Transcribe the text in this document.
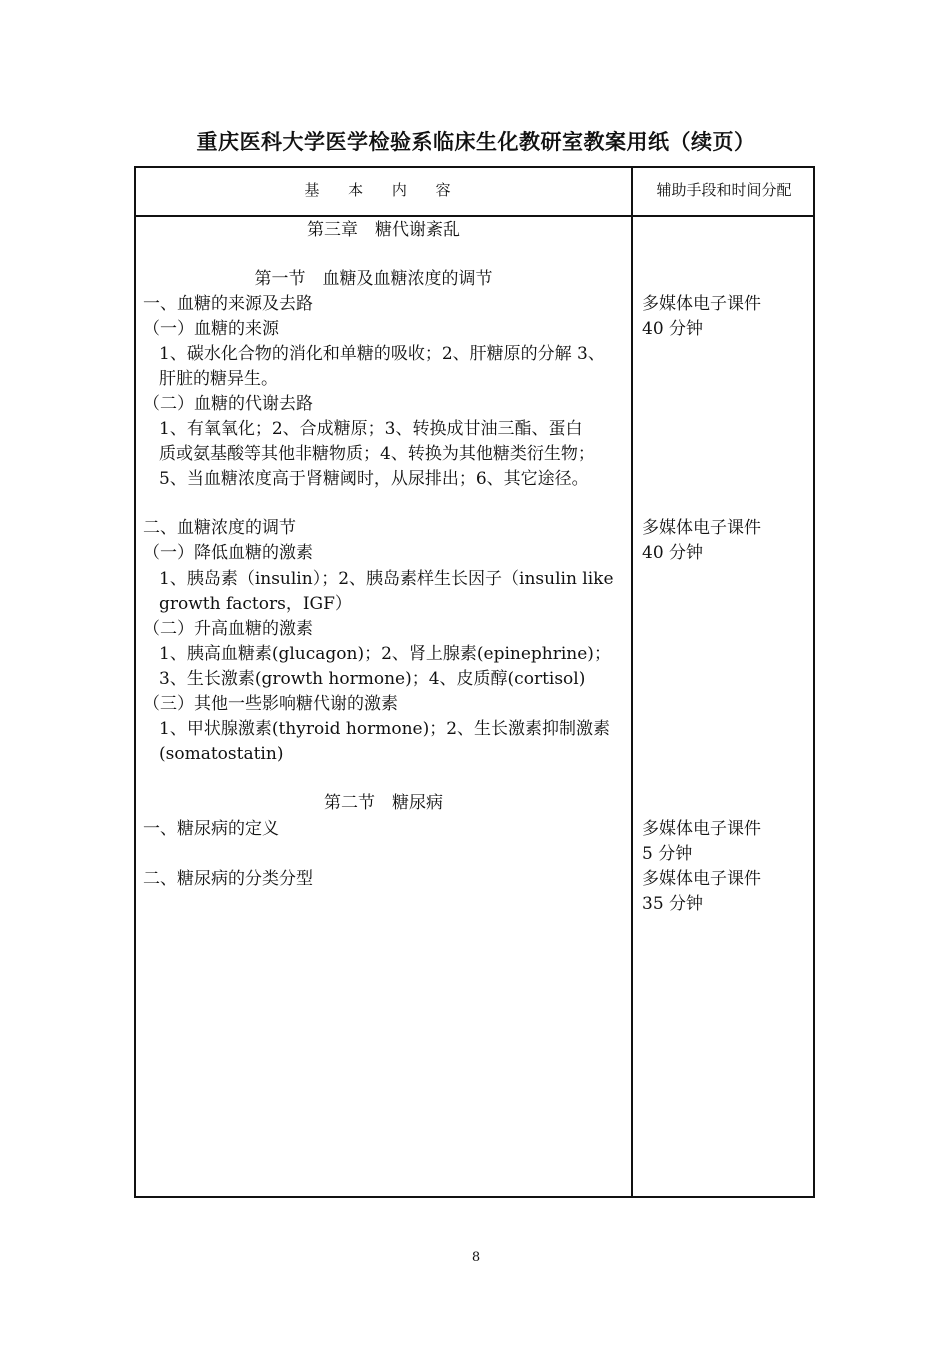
重庆医科大学医学检验系临床生化教研室教案用纸（续页）
基 本 内 容	辅助手段和时间分配
第三章　糖代谢紊乱
第一节　血糖及血糖浓度的调节
一、血糖的来源及去路
（一）血糖的来源
1、碳水化合物的消化和单糖的吸收；2、肝糖原的分解 3、
肝脏的糖异生。
（二）血糖的代谢去路
1、有氧氧化；2、合成糖原；3、转换成甘油三酯、蛋白
质或氨基酸等其他非糖物质；4、转换为其他糖类衍生物；
5、当血糖浓度高于肾糖阈时，从尿排出；6、其它途径。
二、血糖浓度的调节
（一）降低血糖的激素
1、胰岛素（insulin）；2、胰岛素样生长因子（insulin like
growth factors，IGF）
（二）升高血糖的激素
1、胰高血糖素(glucagon)；2、肾上腺素(epinephrine)；
3、生长激素(growth hormone)；4、皮质醇(cortisol)
（三）其他一些影响糖代谢的激素
1、甲状腺激素(thyroid hormone)；2、生长激素抑制激素
(somatostatin)
第二节　糖尿病
一、糖尿病的定义
二、糖尿病的分类分型
多媒体电子课件
40 分钟
多媒体电子课件
40 分钟
多媒体电子课件
5 分钟
多媒体电子课件
35 分钟
8
